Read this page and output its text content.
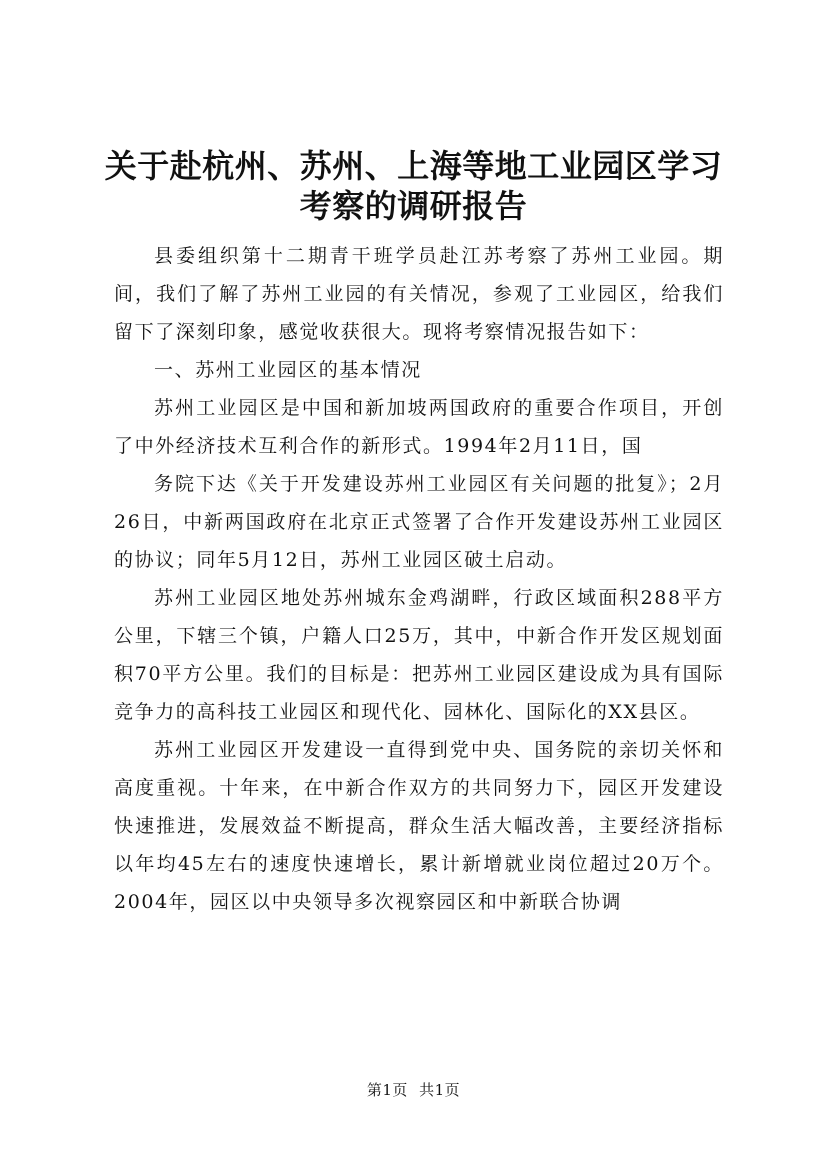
关于赴杭州、苏州、上海等地工业园区学习考察的调研报告

县委组织第十二期青干班学员赴江苏考察了苏州工业园。期间，我们了解了苏州工业园的有关情况，参观了工业园区，给我们留下了深刻印象，感觉收获很大。现将考察情况报告如下：

一、苏州工业园区的基本情况

苏州工业园区是中国和新加坡两国政府的重要合作项目，开创了中外经济技术互利合作的新形式。1994年2月11日，国

务院下达《关于开发建设苏州工业园区有关问题的批复》；2月26日，中新两国政府在北京正式签署了合作开发建设苏州工业园区的协议；同年5月12日，苏州工业园区破土启动。

苏州工业园区地处苏州城东金鸡湖畔，行政区域面积288平方公里，下辖三个镇，户籍人口25万，其中，中新合作开发区规划面积70平方公里。我们的目标是：把苏州工业园区建设成为具有国际竞争力的高科技工业园区和现代化、园林化、国际化的XX县区。

苏州工业园区开发建设一直得到党中央、国务院的亲切关怀和高度重视。十年来，在中新合作双方的共同努力下，园区开发建设快速推进，发展效益不断提高，群众生活大幅改善，主要经济指标以年均45左右的速度快速增长，累计新增就业岗位超过20万个。2004年，园区以中央领导多次视察园区和中新联合协调

第1页 共1页
